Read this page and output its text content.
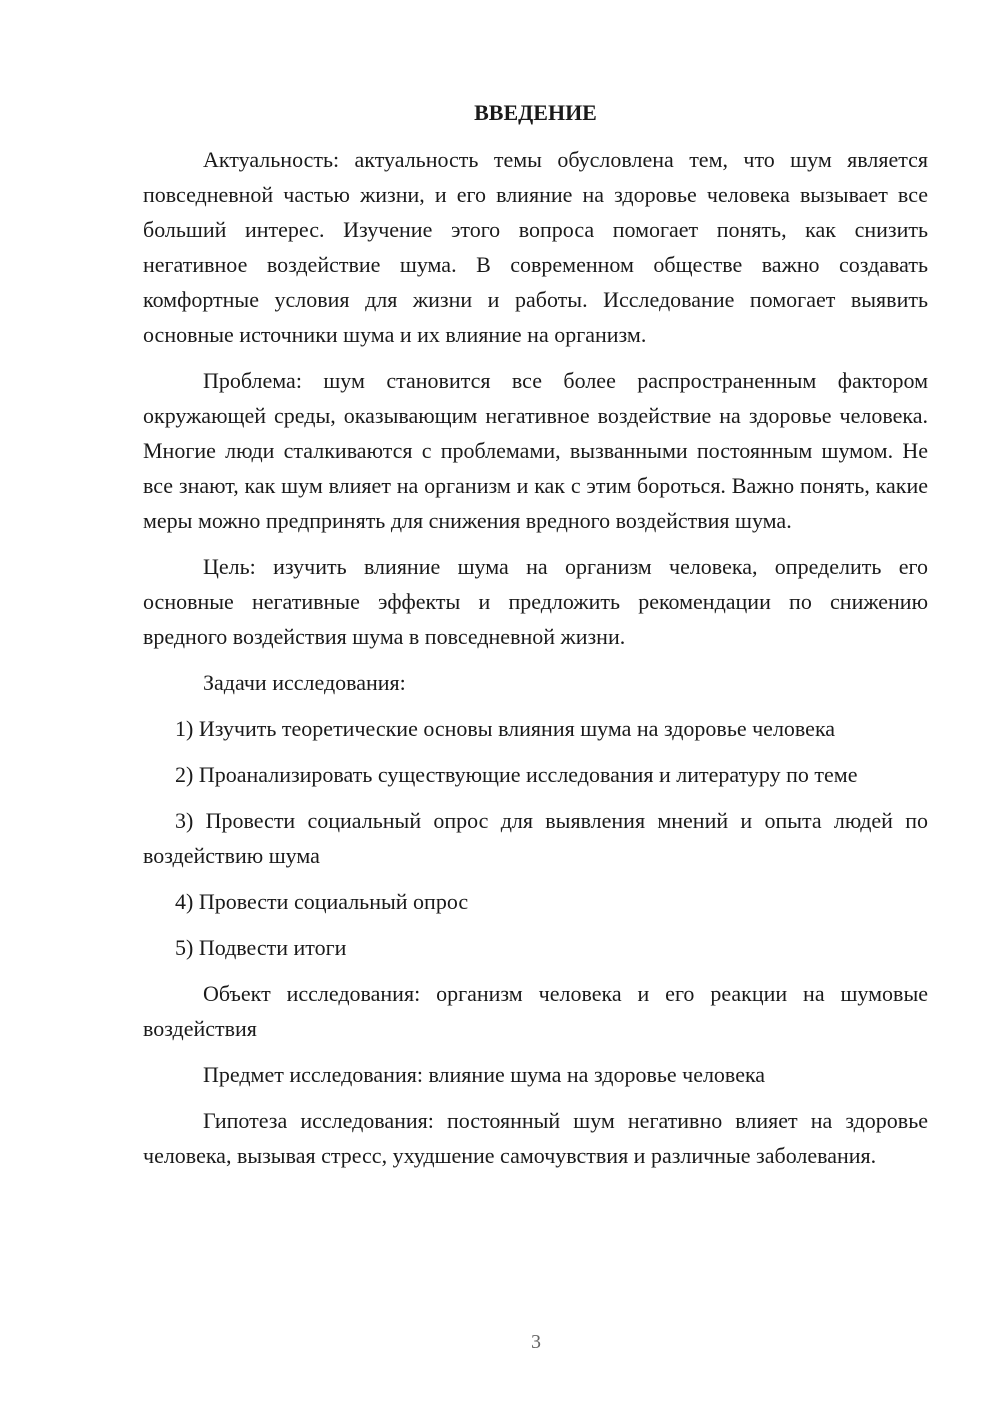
ВВЕДЕНИЕ

Актуальность: актуальность темы обусловлена тем, что шум является повседневной частью жизни, и его влияние на здоровье человека вызывает все больший интерес. Изучение этого вопроса помогает понять, как снизить негативное воздействие шума. В современном обществе важно создавать комфортные условия для жизни и работы. Исследование помогает выявить основные источники шума и их влияние на организм.

Проблема: шум становится все более распространенным фактором окружающей среды, оказывающим негативное воздействие на здоровье человека. Многие люди сталкиваются с проблемами, вызванными постоянным шумом. Не все знают, как шум влияет на организм и как с этим бороться. Важно понять, какие меры можно предпринять для снижения вредного воздействия шума.

Цель: изучить влияние шума на организм человека, определить его основные негативные эффекты и предложить рекомендации по снижению вредного воздействия шума в повседневной жизни.

Задачи исследования:

1) Изучить теоретические основы влияния шума на здоровье человека

2) Проанализировать существующие исследования и литературу по теме

3) Провести социальный опрос для выявления мнений и опыта людей по воздействию шума

4) Провести социальный опрос

5) Подвести итоги

Объект исследования: организм человека и его реакции на шумовые воздействия

Предмет исследования: влияние шума на здоровье человека

Гипотеза исследования: постоянный шум негативно влияет на здоровье человека, вызывая стресс, ухудшение самочувствия и различные заболевания.

3
